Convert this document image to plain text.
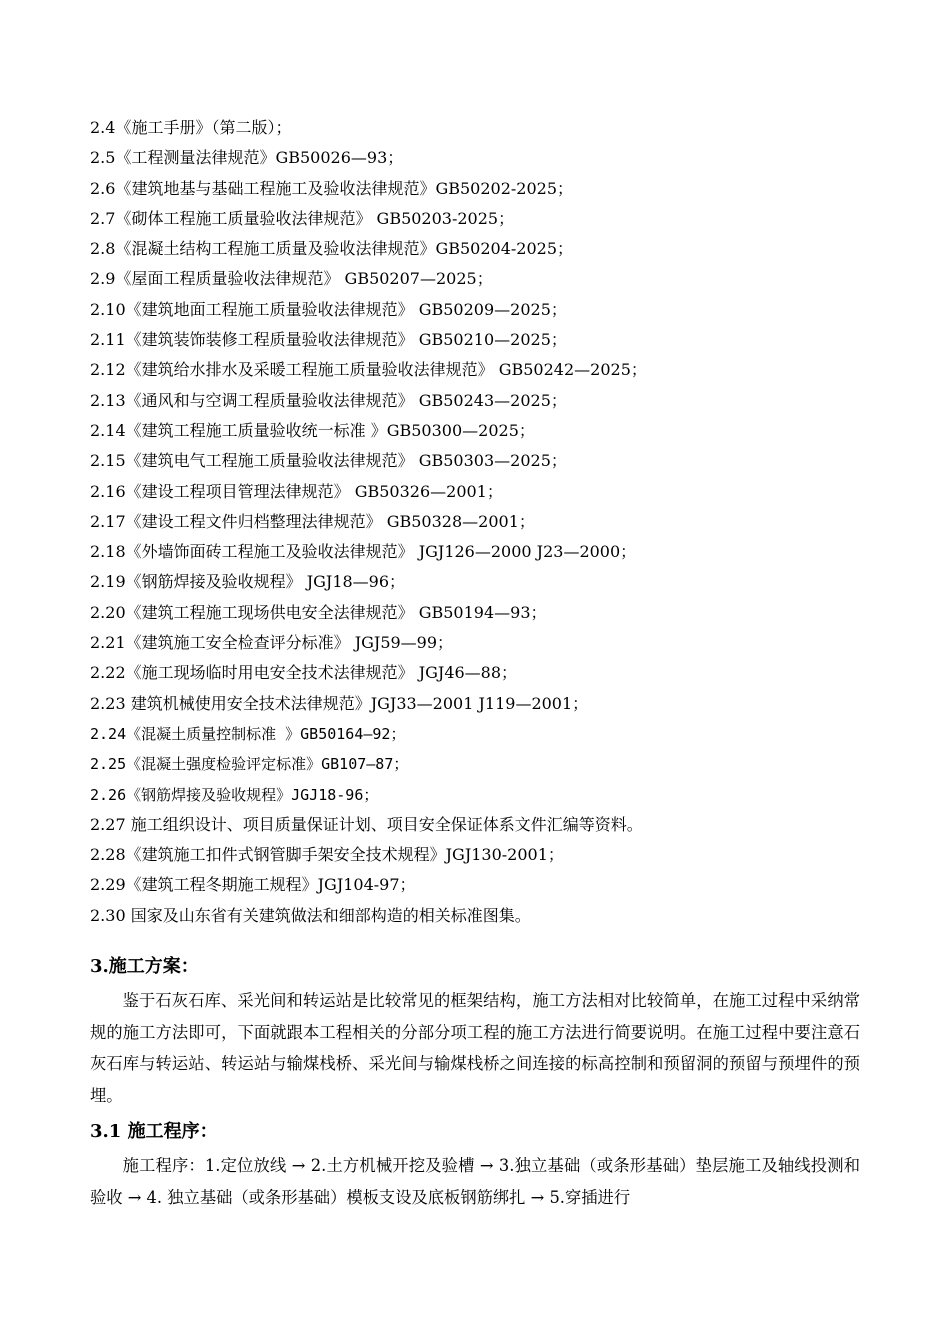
2.4《施工手册》（第二版）；
2.5《工程测量法律规范》GB50026—93；
2.6《建筑地基与基础工程施工及验收法律规范》GB50202-2025；
2.7《砌体工程施工质量验收法律规范》 GB50203-2025；
2.8《混凝土结构工程施工质量及验收法律规范》GB50204-2025；
2.9《屋面工程质量验收法律规范》 GB50207—2025；
2.10《建筑地面工程施工质量验收法律规范》 GB50209—2025；
2.11《建筑装饰装修工程质量验收法律规范》 GB50210—2025；
2.12《建筑给水排水及采暖工程施工质量验收法律规范》 GB50242—2025；
2.13《通风和与空调工程质量验收法律规范》 GB50243—2025；
2.14《建筑工程施工质量验收统一标准 》GB50300—2025；
2.15《建筑电气工程施工质量验收法律规范》 GB50303—2025；
2.16《建设工程项目管理法律规范》 GB50326—2001；
2.17《建设工程文件归档整理法律规范》 GB50328—2001；
2.18《外墙饰面砖工程施工及验收法律规范》 JGJ126—2000 J23—2000；
2.19《钢筋焊接及验收规程》 JGJ18—96；
2.20《建筑工程施工现场供电安全法律规范》 GB50194—93；
2.21《建筑施工安全检查评分标准》 JGJ59—99；
2.22《施工现场临时用电安全技术法律规范》 JGJ46—88；
2.23 建筑机械使用安全技术法律规范》JGJ33—2001 J119—2001；
2.24《混凝土质量控制标准 》GB50164—92；
2.25《混凝土强度检验评定标准》GB107—87；
2.26《钢筋焊接及验收规程》JGJ18-96；
2.27 施工组织设计、项目质量保证计划、项目安全保证体系文件汇编等资料。
2.28《建筑施工扣件式钢管脚手架安全技术规程》JGJ130-2001；
2.29《建筑工程冬期施工规程》JGJ104-97；
2.30 国家及山东省有关建筑做法和细部构造的相关标准图集。
3.施工方案：

鉴于石灰石库、采光间和转运站是比较常见的框架结构，施工方法相对比较简单，在施工过程中采纳常规的施工方法即可，下面就跟本工程相关的分部分项工程的施工方法进行简要说明。在施工过程中要注意石灰石库与转运站、转运站与输煤栈桥、采光间与输煤栈桥之间连接的标高控制和预留洞的预留与预埋件的预埋。

3.1 施工程序：

施工程序：1.定位放线 → 2.土方机械开挖及验槽 → 3.独立基础（或条形基础）垫层施工及轴线投测和验收 → 4. 独立基础（或条形基础）模板支设及底板钢筋绑扎 → 5.穿插进行
